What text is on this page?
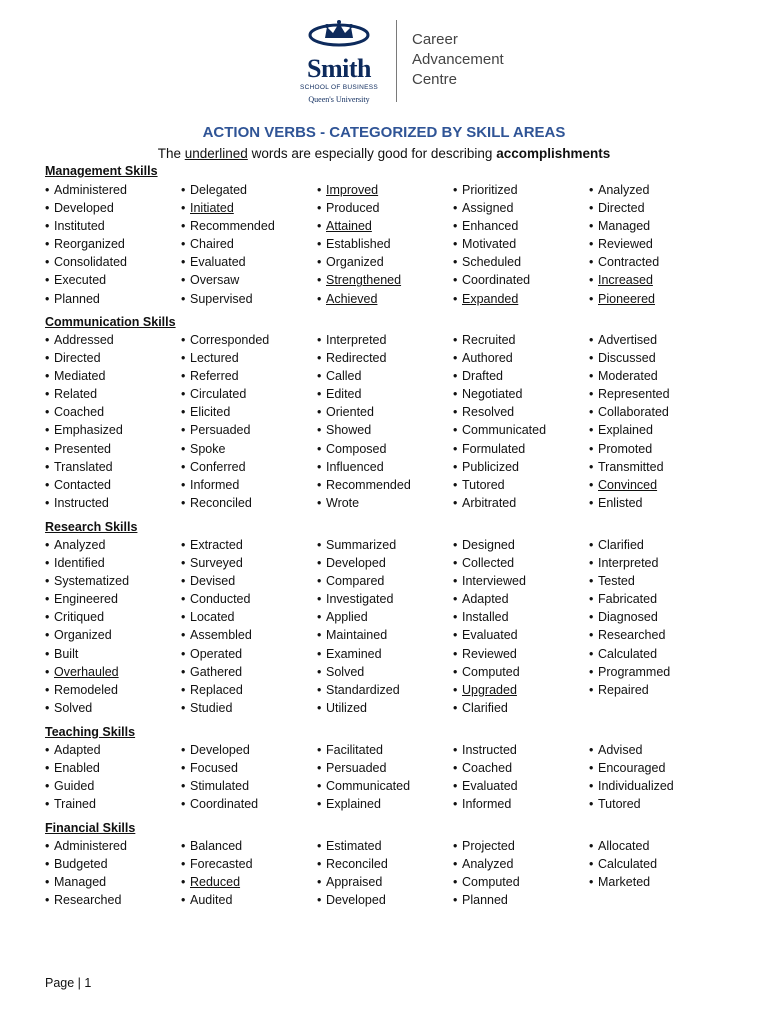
Smith
SCHOOL OF BUSINESS
Queen's University
Career
Advancement
Centre
ACTION VERBS - CATEGORIZED BY SKILL AREAS
The underlined words are especially good for describing accomplishments
Management Skills
• Administered
• Developed
• Instituted
• Reorganized
• Consolidated
• Executed
• Planned
• Delegated
• Initiated
• Recommended
• Chaired
• Evaluated
• Oversaw
• Supervised
• Improved
• Produced
• Attained
• Established
• Organized
• Strengthened
• Achieved
• Prioritized
• Assigned
• Enhanced
• Motivated
• Scheduled
• Coordinated
• Expanded
• Analyzed
• Directed
• Managed
• Reviewed
• Contracted
• Increased
• Pioneered
Communication Skills
• Addressed
• Directed
• Mediated
• Related
• Coached
• Emphasized
• Presented
• Translated
• Contacted
• Instructed
• Corresponded
• Lectured
• Referred
• Circulated
• Elicited
• Persuaded
• Spoke
• Conferred
• Informed
• Reconciled
• Interpreted
• Redirected
• Called
• Edited
• Oriented
• Showed
• Composed
• Influenced
• Recommended
• Wrote
• Recruited
• Authored
• Drafted
• Negotiated
• Resolved
• Communicated
• Formulated
• Publicized
• Tutored
• Arbitrated
• Advertised
• Discussed
• Moderated
• Represented
• Collaborated
• Explained
• Promoted
• Transmitted
• Convinced
• Enlisted
Research Skills
• Analyzed
• Identified
• Systematized
• Engineered
• Critiqued
• Organized
• Built
• Overhauled
• Remodeled
• Solved
• Extracted
• Surveyed
• Devised
• Conducted
• Located
• Assembled
• Operated
• Gathered
• Replaced
• Studied
• Summarized
• Developed
• Compared
• Investigated
• Applied
• Maintained
• Examined
• Solved
• Standardized
• Utilized
• Designed
• Collected
• Interviewed
• Adapted
• Installed
• Evaluated
• Reviewed
• Computed
• Upgraded
• Clarified
• Clarified
• Interpreted
• Tested
• Fabricated
• Diagnosed
• Researched
• Calculated
• Programmed
• Repaired
Teaching Skills
• Adapted
• Enabled
• Guided
• Trained
• Developed
• Focused
• Stimulated
• Coordinated
• Facilitated
• Persuaded
• Communicated
• Explained
• Instructed
• Coached
• Evaluated
• Informed
• Advised
• Encouraged
• Individualized
• Tutored
Financial Skills
• Administered
• Budgeted
• Managed
• Researched
• Balanced
• Forecasted
• Reduced
• Audited
• Estimated
• Reconciled
• Appraised
• Developed
• Projected
• Analyzed
• Computed
• Planned
• Allocated
• Calculated
• Marketed
Page | 1
